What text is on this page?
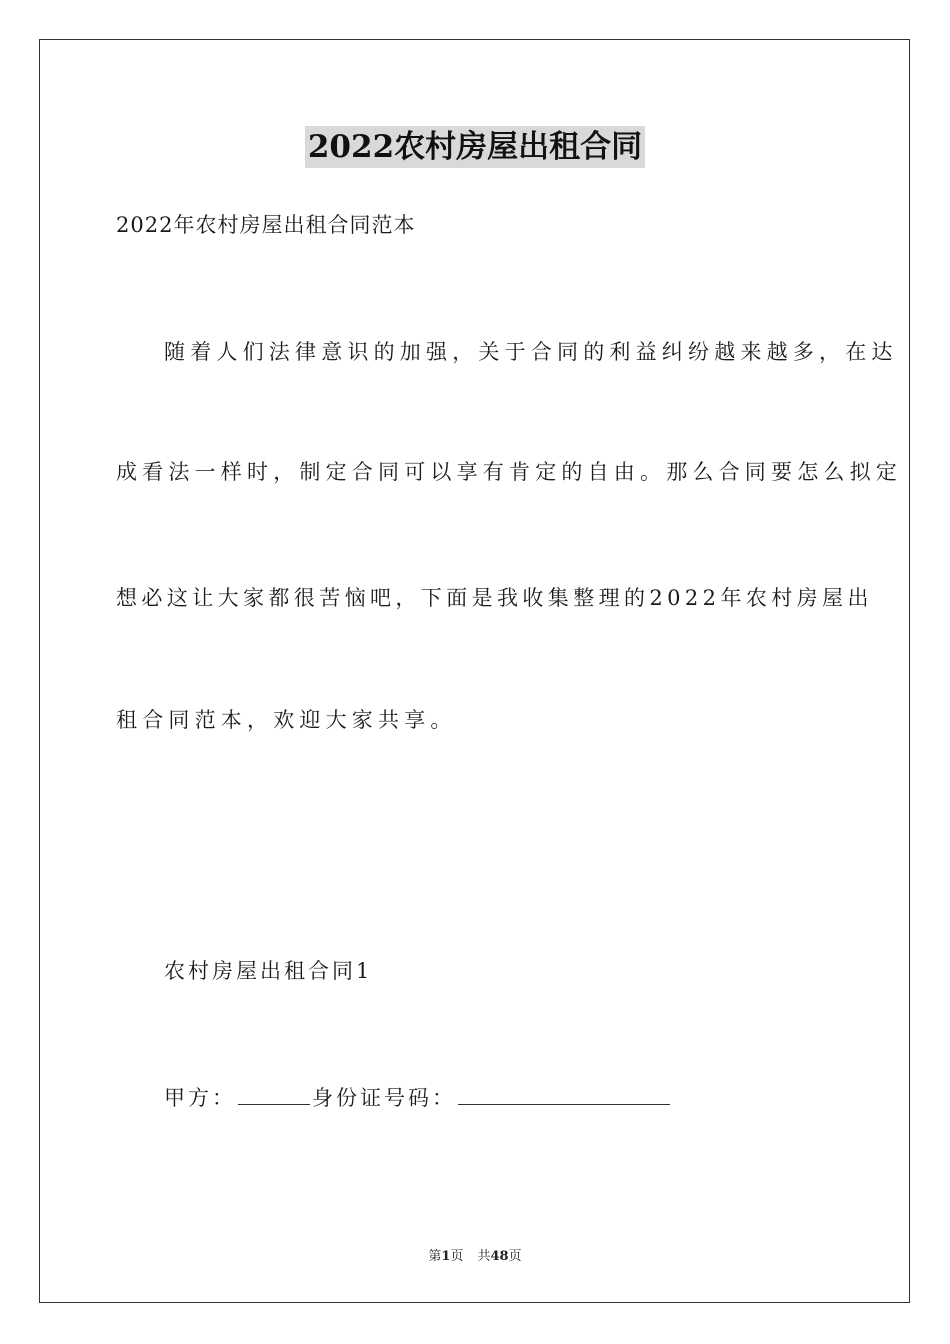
2022农村房屋出租合同
2022年农村房屋出租合同范本
随着人们法律意识的加强，关于合同的利益纠纷越来越多，在达
成看法一样时，制定合同可以享有肯定的自由。那么合同要怎么拟定
想必这让大家都很苦恼吧，下面是我收集整理的2022年农村房屋出
租合同范本，欢迎大家共享。
农村房屋出租合同1
甲方：	身份证号码：
第1页 共48页
